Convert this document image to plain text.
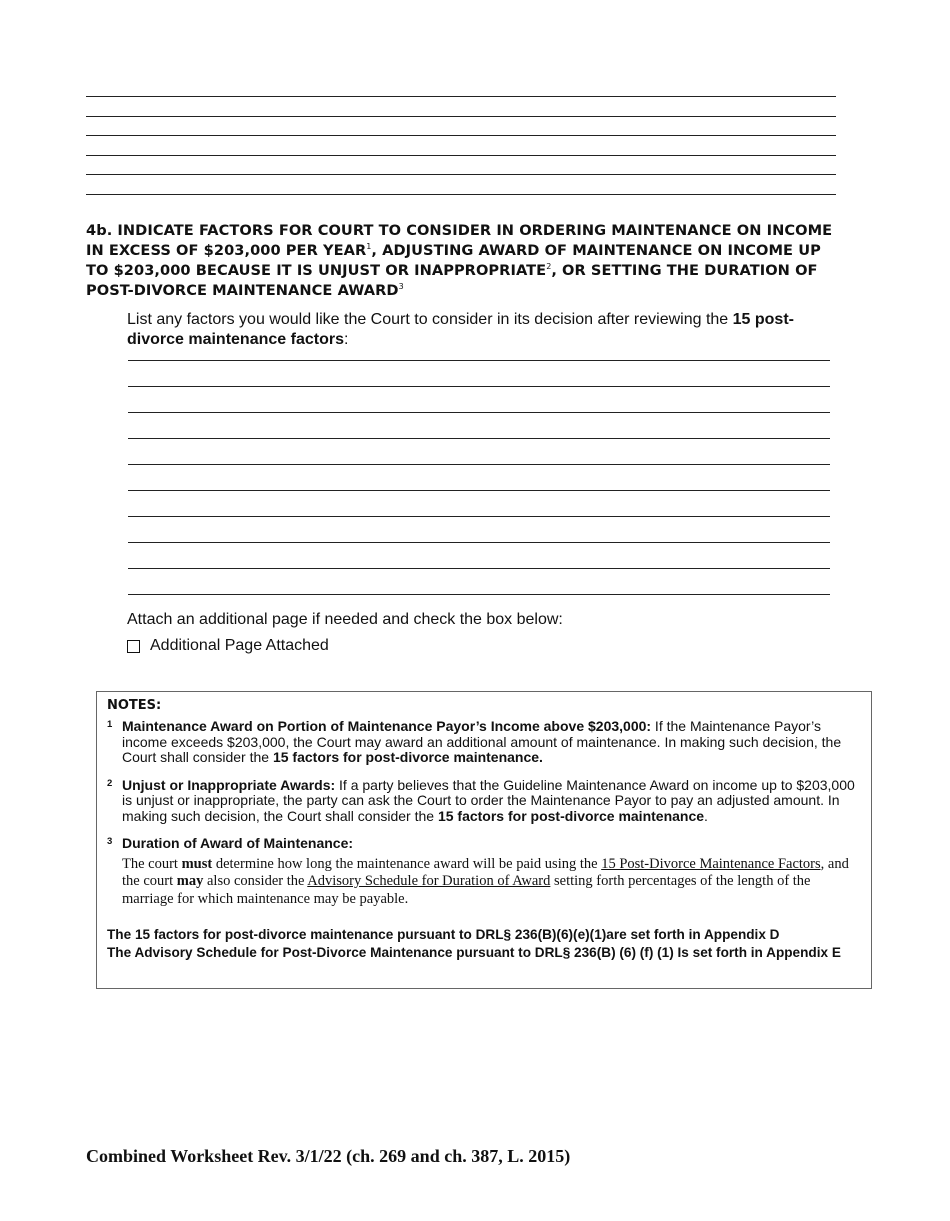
4b. INDICATE FACTORS FOR COURT TO CONSIDER IN ORDERING MAINTENANCE ON INCOME IN EXCESS OF $203,000 PER YEAR$^1$, ADJUSTING AWARD OF MAINTENANCE ON INCOME UP TO $203,000 BECAUSE IT IS UNJUST OR INAPPROPRIATE$^2$, OR SETTING THE DURATION OF POST-DIVORCE MAINTENANCE AWARD$^3$
List any factors you would like the Court to consider in its decision after reviewing the 15 post-divorce maintenance factors:
Attach an additional page if needed and check the box below:
Additional Page Attached
NOTES:
1 Maintenance Award on Portion of Maintenance Payor’s Income above $203,000: If the Maintenance Payor’s income exceeds $203,000, the Court may award an additional amount of maintenance. In making such decision, the Court shall consider the 15 factors for post-divorce maintenance.
2 Unjust or Inappropriate Awards: If a party believes that the Guideline Maintenance Award on income up to $203,000 is unjust or inappropriate, the party can ask the Court to order the Maintenance Payor to pay an adjusted amount. In making such decision, the Court shall consider the 15 factors for post-divorce maintenance.
3 Duration of Award of Maintenance:
The court must determine how long the maintenance award will be paid using the 15 Post-Divorce Maintenance Factors, and the court may also consider the Advisory Schedule for Duration of Award setting forth percentages of the length of the marriage for which maintenance may be payable.
The 15 factors for post-divorce maintenance pursuant to DRL§ 236(B)(6)(e)(1)are set forth in Appendix D
The Advisory Schedule for Post-Divorce Maintenance pursuant to DRL§ 236(B) (6) (f) (1) Is set forth in Appendix E
Combined Worksheet Rev. 3/1/22 (ch. 269 and ch. 387, L. 2015)
